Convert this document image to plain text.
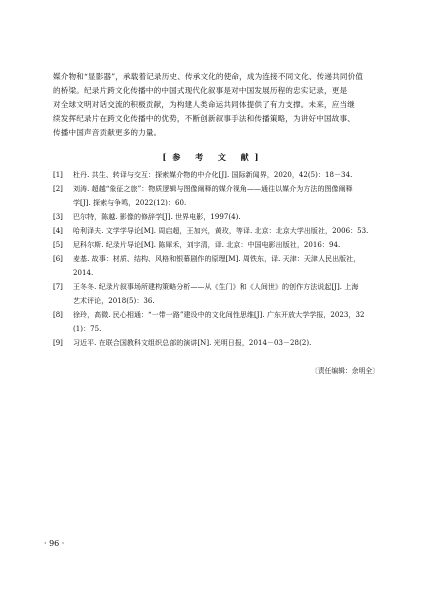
媒介物和“显影器”，承载着记录历史、传承文化的使命，成为连接不同文化、传递共同价值
的桥梁。纪录片跨文化传播中的中国式现代化叙事是对中国发展历程的忠实记录，更是
对全球文明对话交流的积极贡献，为构建人类命运共同体提供了有力支撑。未来，应当继
续发挥纪录片在跨文化传播中的优势，不断创新叙事手法和传播策略，为讲好中国故事、
传播中国声音贡献更多的力量。
[参 考 文 献]
[1]	杜丹. 共生、转译与交互：探索媒介物的中介化[J]. 国际新闻界，2020，42(5)：18－34.
[2]	刘涛. 超越“象征之旅”：物质逻辑与图像阐释的媒介视角——通往以媒介为方法的图像阐释
学[J]. 探索与争鸣，2022(12)：60.
[3]	巴尔特，陈越. 影像的修辞学[J]. 世界电影，1997(4).
[4]	哈利泽夫. 文学学导论[M]. 周启超，王加兴，黄玫，等译. 北京：北京大学出版社，2006：53.
[5]	尼科尔斯. 纪录片导论[M]. 陈犀禾，刘宇清，译. 北京：中国电影出版社，2016：94.
[6]	麦基. 故事：材质、结构、风格和银幕剧作的原理[M]. 周铁东，译. 天津：天津人民出版社，
2014.
[7]	王冬冬. 纪录片叙事场所建构策略分析——从《生门》和《人间世》的创作方法说起[J]. 上海
艺术评论，2018(5)：36.
[8]	徐玲，高微. 民心相通：“一带一路”建设中的文化间性思维[J]. 广东开放大学学报，2023，32
(1)：75.
[9]	习近平. 在联合国教科文组织总部的演讲[N]. 光明日报，2014－03－28(2).
〔责任编辑：余明全〕
· 96 ·
